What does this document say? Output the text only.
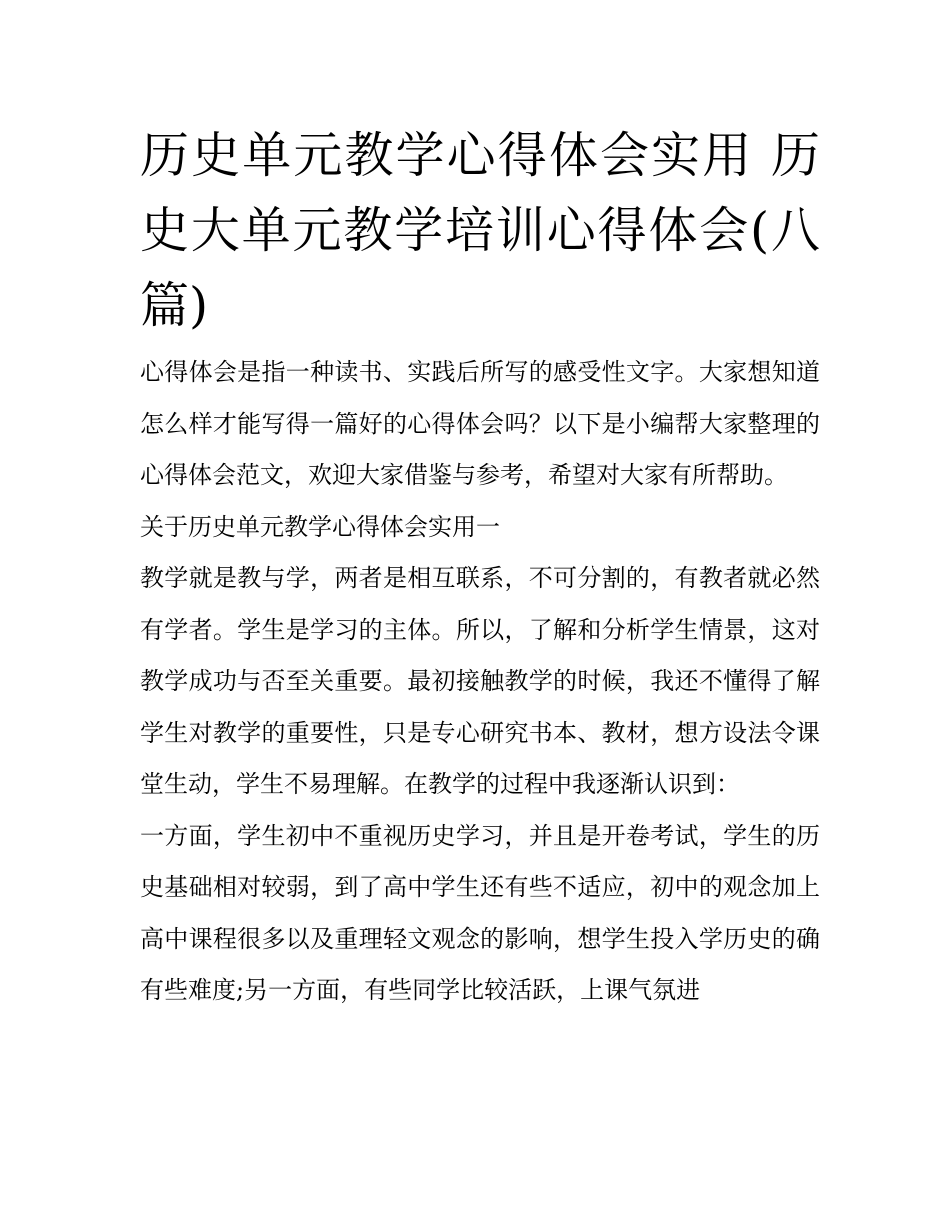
历史单元教学心得体会实用 历史大单元教学培训心得体会(八篇)

心得体会是指一种读书、实践后所写的感受性文字。大家想知道怎么样才能写得一篇好的心得体会吗？以下是小编帮大家整理的心得体会范文，欢迎大家借鉴与参考，希望对大家有所帮助。

关于历史单元教学心得体会实用一

教学就是教与学，两者是相互联系，不可分割的，有教者就必然有学者。学生是学习的主体。所以，了解和分析学生情景，这对教学成功与否至关重要。最初接触教学的时候，我还不懂得了解学生对教学的重要性，只是专心研究书本、教材，想方设法令课堂生动，学生不易理解。在教学的过程中我逐渐认识到：

一方面，学生初中不重视历史学习，并且是开卷考试，学生的历史基础相对较弱，到了高中学生还有些不适应，初中的观念加上高中课程很多以及重理轻文观念的影响，想学生投入学历史的确有些难度;另一方面，有些同学比较活跃，上课气氛进
